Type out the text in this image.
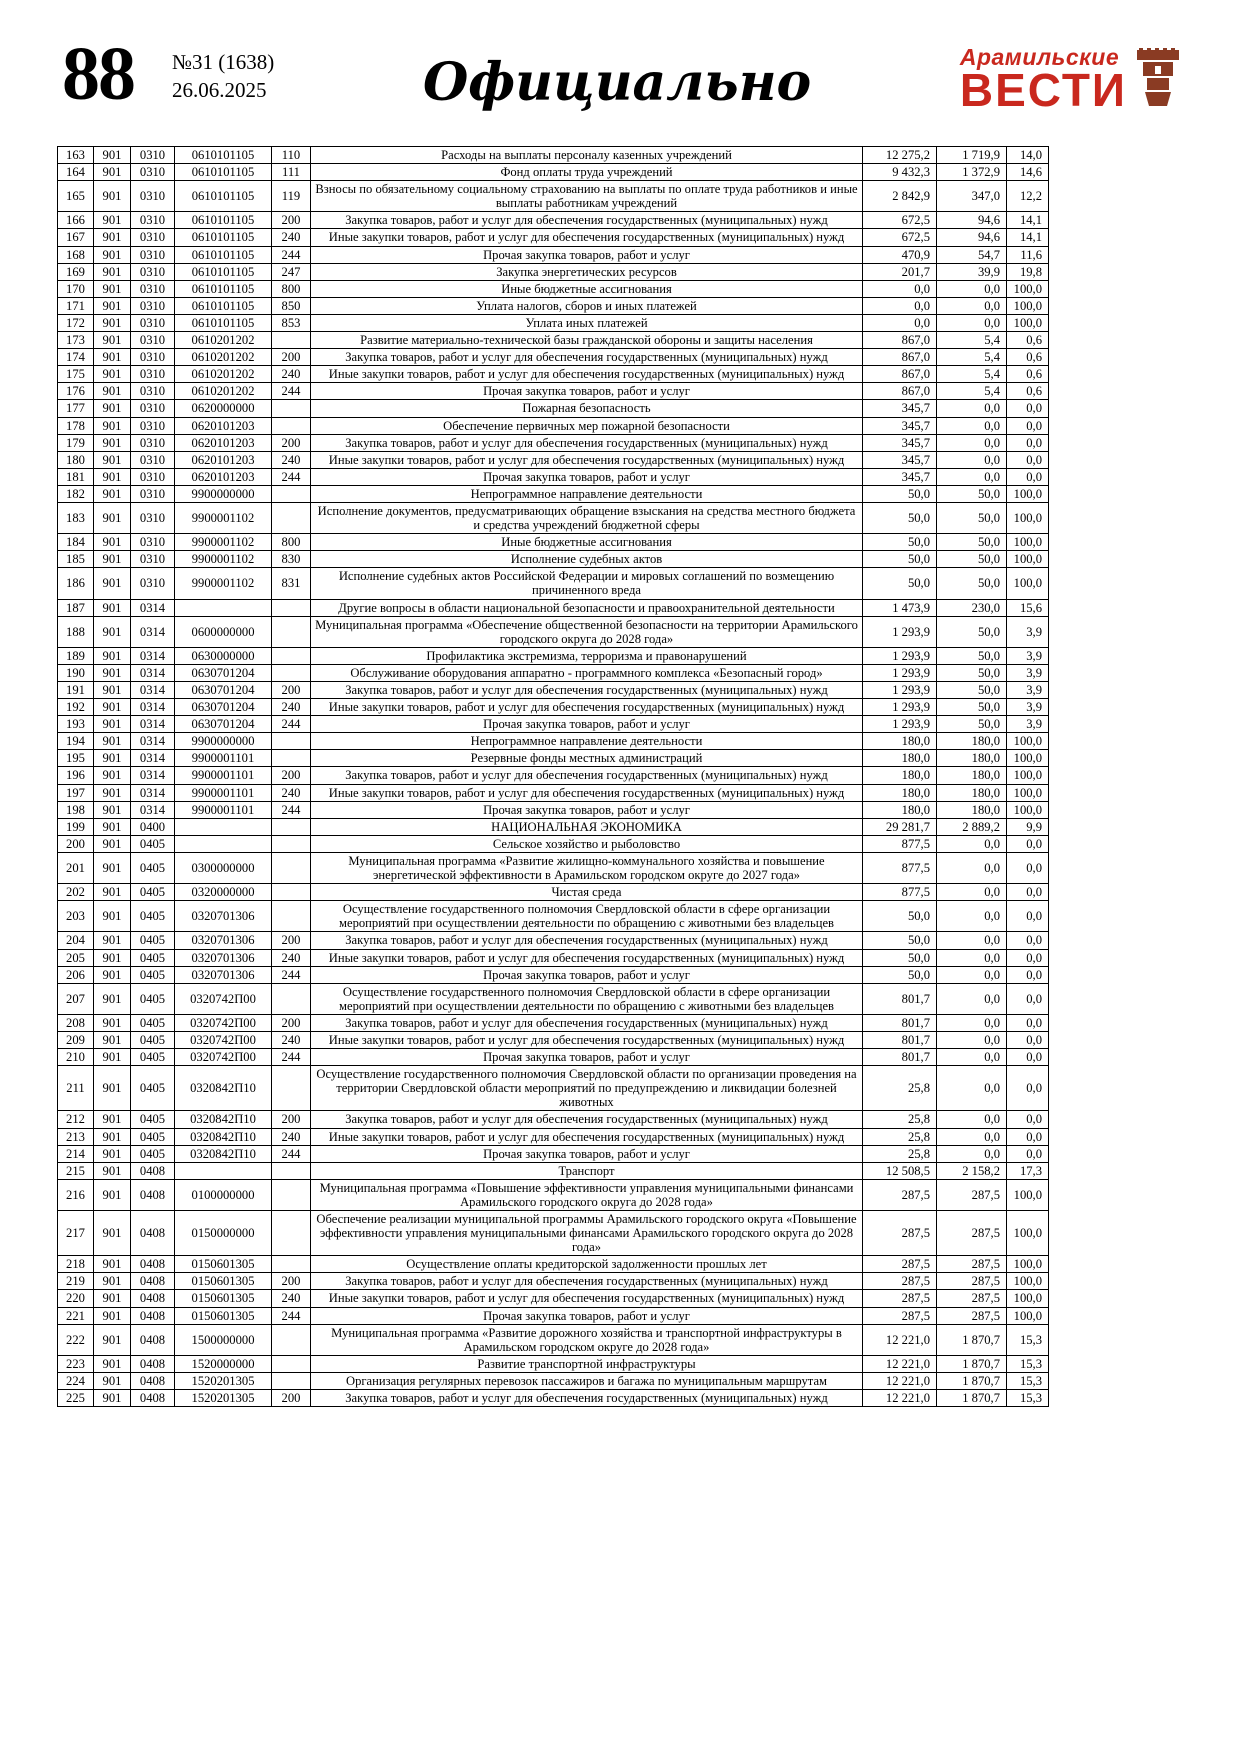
88 №31 (1638)
26.06.2025	Официально	Арамильские
ВЕСТИ
163	901	0310	0610101105	110	Расходы на выплаты персоналу казенных учреждений	12 275,2	1 719,9	14,0
164	901	0310	0610101105	111	Фонд оплаты труда учреждений	9 432,3	1 372,9	14,6
165	901	0310	0610101105	119	Взносы по обязательному социальному страхованию на выплаты по оплате труда работников и иные выплаты работникам учреждений	2 842,9	347,0	12,2
166	901	0310	0610101105	200	Закупка товаров, работ и услуг для обеспечения государственных (муниципальных) нужд	672,5	94,6	14,1
167	901	0310	0610101105	240	Иные закупки товаров, работ и услуг для обеспечения государственных (муниципальных) нужд	672,5	94,6	14,1
168	901	0310	0610101105	244	Прочая закупка товаров, работ и услуг	470,9	54,7	11,6
169	901	0310	0610101105	247	Закупка энергетических ресурсов	201,7	39,9	19,8
170	901	0310	0610101105	800	Иные бюджетные ассигнования	0,0	0,0	100,0
171	901	0310	0610101105	850	Уплата налогов, сборов и иных платежей	0,0	0,0	100,0
172	901	0310	0610101105	853	Уплата иных платежей	0,0	0,0	100,0
173	901	0310	0610201202		Развитие материально-технической базы гражданской обороны и защиты населения	867,0	5,4	0,6
174	901	0310	0610201202	200	Закупка товаров, работ и услуг для обеспечения государственных (муниципальных) нужд	867,0	5,4	0,6
175	901	0310	0610201202	240	Иные закупки товаров, работ и услуг для обеспечения государственных (муниципальных) нужд	867,0	5,4	0,6
176	901	0310	0610201202	244	Прочая закупка товаров, работ и услуг	867,0	5,4	0,6
177	901	0310	0620000000		Пожарная безопасность	345,7	0,0	0,0
178	901	0310	0620101203		Обеспечение первичных мер пожарной безопасности	345,7	0,0	0,0
179	901	0310	0620101203	200	Закупка товаров, работ и услуг для обеспечения государственных (муниципальных) нужд	345,7	0,0	0,0
180	901	0310	0620101203	240	Иные закупки товаров, работ и услуг для обеспечения государственных (муниципальных) нужд	345,7	0,0	0,0
181	901	0310	0620101203	244	Прочая закупка товаров, работ и услуг	345,7	0,0	0,0
182	901	0310	9900000000		Непрограммное направление деятельности	50,0	50,0	100,0
183	901	0310	9900001102		Исполнение документов, предусматривающих обращение взыскания на средства местного бюджета и средства учреждений бюджетной сферы	50,0	50,0	100,0
184	901	0310	9900001102	800	Иные бюджетные ассигнования	50,0	50,0	100,0
185	901	0310	9900001102	830	Исполнение судебных актов	50,0	50,0	100,0
186	901	0310	9900001102	831	Исполнение судебных актов Российской Федерации и мировых соглашений по возмещению причиненного вреда	50,0	50,0	100,0
187	901	0314			Другие вопросы в области национальной безопасности и правоохранительной деятельности	1 473,9	230,0	15,6
188	901	0314	0600000000		Муниципальная программа «Обеспечение общественной безопасности на территории Арамильского городского округа до 2028 года»	1 293,9	50,0	3,9
189	901	0314	0630000000		Профилактика экстремизма, терроризма и правонарушений	1 293,9	50,0	3,9
190	901	0314	0630701204		Обслуживание оборудования аппаратно - программного комплекса «Безопасный город»	1 293,9	50,0	3,9
191	901	0314	0630701204	200	Закупка товаров, работ и услуг для обеспечения государственных (муниципальных) нужд	1 293,9	50,0	3,9
192	901	0314	0630701204	240	Иные закупки товаров, работ и услуг для обеспечения государственных (муниципальных) нужд	1 293,9	50,0	3,9
193	901	0314	0630701204	244	Прочая закупка товаров, работ и услуг	1 293,9	50,0	3,9
194	901	0314	9900000000		Непрограммное направление деятельности	180,0	180,0	100,0
195	901	0314	9900001101		Резервные фонды местных администраций	180,0	180,0	100,0
196	901	0314	9900001101	200	Закупка товаров, работ и услуг для обеспечения государственных (муниципальных) нужд	180,0	180,0	100,0
197	901	0314	9900001101	240	Иные закупки товаров, работ и услуг для обеспечения государственных (муниципальных) нужд	180,0	180,0	100,0
198	901	0314	9900001101	244	Прочая закупка товаров, работ и услуг	180,0	180,0	100,0
199	901	0400			НАЦИОНАЛЬНАЯ ЭКОНОМИКА	29 281,7	2 889,2	9,9
200	901	0405			Сельское хозяйство и рыболовство	877,5	0,0	0,0
201	901	0405	0300000000		Муниципальная программа «Развитие жилищно-коммунального хозяйства и повышение энергетической эффективности в Арамильском городском округе до 2027 года»	877,5	0,0	0,0
202	901	0405	0320000000		Чистая среда	877,5	0,0	0,0
203	901	0405	0320701306		Осуществление государственного полномочия Свердловской области в сфере организации мероприятий при осуществлении деятельности по обращению с животными без владельцев	50,0	0,0	0,0
204	901	0405	0320701306	200	Закупка товаров, работ и услуг для обеспечения государственных (муниципальных) нужд	50,0	0,0	0,0
205	901	0405	0320701306	240	Иные закупки товаров, работ и услуг для обеспечения государственных (муниципальных) нужд	50,0	0,0	0,0
206	901	0405	0320701306	244	Прочая закупка товаров, работ и услуг	50,0	0,0	0,0
207	901	0405	0320742П00		Осуществление государственного полномочия Свердловской области в сфере организации мероприятий при осуществлении деятельности по обращению с животными без владельцев	801,7	0,0	0,0
208	901	0405	0320742П00	200	Закупка товаров, работ и услуг для обеспечения государственных (муниципальных) нужд	801,7	0,0	0,0
209	901	0405	0320742П00	240	Иные закупки товаров, работ и услуг для обеспечения государственных (муниципальных) нужд	801,7	0,0	0,0
210	901	0405	0320742П00	244	Прочая закупка товаров, работ и услуг	801,7	0,0	0,0
211	901	0405	0320842П10		Осуществление государственного полномочия Свердловской области по организации проведения на территории Свердловской области мероприятий по предупреждению и ликвидации болезней животных	25,8	0,0	0,0
212	901	0405	0320842П10	200	Закупка товаров, работ и услуг для обеспечения государственных (муниципальных) нужд	25,8	0,0	0,0
213	901	0405	0320842П10	240	Иные закупки товаров, работ и услуг для обеспечения государственных (муниципальных) нужд	25,8	0,0	0,0
214	901	0405	0320842П10	244	Прочая закупка товаров, работ и услуг	25,8	0,0	0,0
215	901	0408			Транспорт	12 508,5	2 158,2	17,3
216	901	0408	0100000000		Муниципальная программа «Повышение эффективности управления муниципальными финансами Арамильского городского округа до 2028 года»	287,5	287,5	100,0
217	901	0408	0150000000		Обеспечение реализации муниципальной программы Арамильского городского округа «Повышение эффективности управления муниципальными финансами Арамильского городского округа до 2028 года»	287,5	287,5	100,0
218	901	0408	0150601305		Осуществление оплаты кредиторской задолженности прошлых лет	287,5	287,5	100,0
219	901	0408	0150601305	200	Закупка товаров, работ и услуг для обеспечения государственных (муниципальных) нужд	287,5	287,5	100,0
220	901	0408	0150601305	240	Иные закупки товаров, работ и услуг для обеспечения государственных (муниципальных) нужд	287,5	287,5	100,0
221	901	0408	0150601305	244	Прочая закупка товаров, работ и услуг	287,5	287,5	100,0
222	901	0408	1500000000		Муниципальная программа «Развитие дорожного хозяйства и транспортной инфраструктуры в Арамильском городском округе до 2028 года»	12 221,0	1 870,7	15,3
223	901	0408	1520000000		Развитие транспортной инфраструктуры	12 221,0	1 870,7	15,3
224	901	0408	1520201305		Организация регулярных перевозок пассажиров и багажа по муниципальным маршрутам	12 221,0	1 870,7	15,3
225	901	0408	1520201305	200	Закупка товаров, работ и услуг для обеспечения государственных (муниципальных) нужд	12 221,0	1 870,7	15,3
